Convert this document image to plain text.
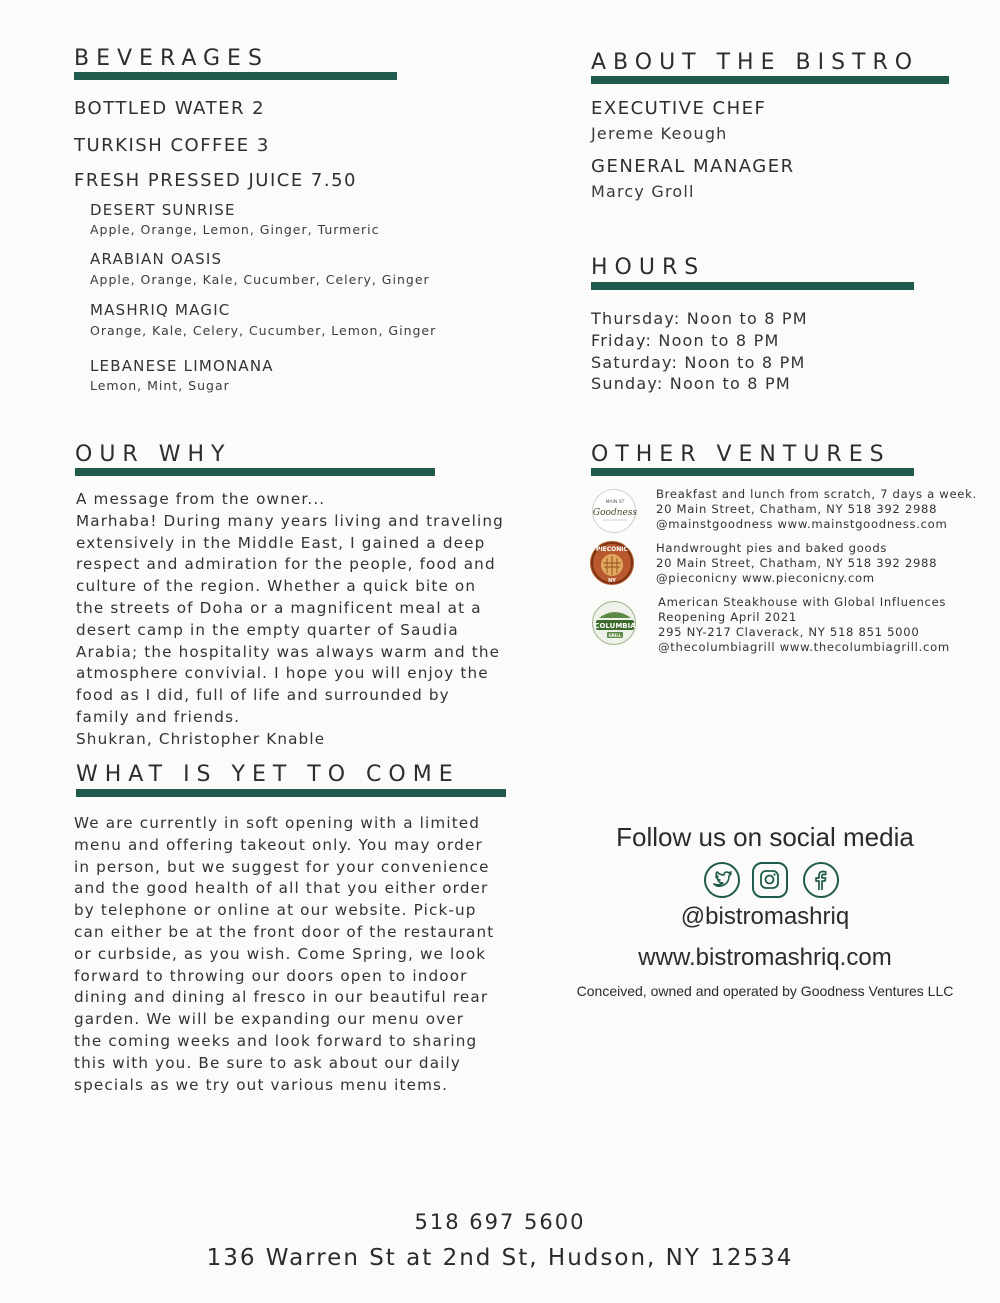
BEVERAGES
BOTTLED WATER 2
TURKISH COFFEE 3
FRESH PRESSED JUICE 7.50
DESERT SUNRISE
Apple, Orange, Lemon, Ginger, Turmeric
ARABIAN OASIS
Apple, Orange, Kale, Cucumber, Celery, Ginger
MASHRIQ MAGIC
Orange, Kale, Celery, Cucumber, Lemon, Ginger
LEBANESE LIMONANA
Lemon, Mint, Sugar
ABOUT THE BISTRO
EXECUTIVE CHEF
Jereme Keough
GENERAL MANAGER
Marcy Groll
HOURS
Thursday: Noon to 8 PM
Friday: Noon to 8 PM
Saturday: Noon to 8 PM
Sunday: Noon to 8 PM
OUR WHY
A message from the owner...
Marhaba! During many years living and traveling
extensively in the Middle East, I gained a deep
respect and admiration for the people, food and
culture of the region. Whether a quick bite on
the streets of Doha or a magnificent meal at a
desert camp in the empty quarter of Saudia
Arabia; the hospitality was always warm and the
atmosphere convivial. I hope you will enjoy the
food as I did, full of life and surrounded by
family and friends.
Shukran, Christopher Knable
OTHER VENTURES
MAIN ST
Goodness
Breakfast and lunch from scratch, 7 days a week.
20 Main Street, Chatham, NY 518 392 2988
@mainstgoodness www.mainstgoodness.com
PIECONIC
NY
Handwrought pies and baked goods
20 Main Street, Chatham, NY 518 392 2988
@pieconicny www.pieconicny.com
COLUMBIA
GRILL
American Steakhouse with Global Influences
Reopening April 2021
295 NY-217 Claverack, NY 518 851 5000
@thecolumbiagrill www.thecolumbiagrill.com
WHAT IS YET TO COME
We are currently in soft opening with a limited
menu and offering takeout only. You may order
in person, but we suggest for your convenience
and the good health of all that you either order
by telephone or online at our website. Pick-up
can either be at the front door of the restaurant
or curbside, as you wish. Come Spring, we look
forward to throwing our doors open to indoor
dining and dining al fresco in our beautiful rear
garden. We will be expanding our menu over
the coming weeks and look forward to sharing
this with you. Be sure to ask about our daily
specials as we try out various menu items.
Follow us on social media
@bistromashriq
www.bistromashriq.com
Conceived, owned and operated by Goodness Ventures LLC
518 697 5600
136 Warren St at 2nd St, Hudson, NY 12534
